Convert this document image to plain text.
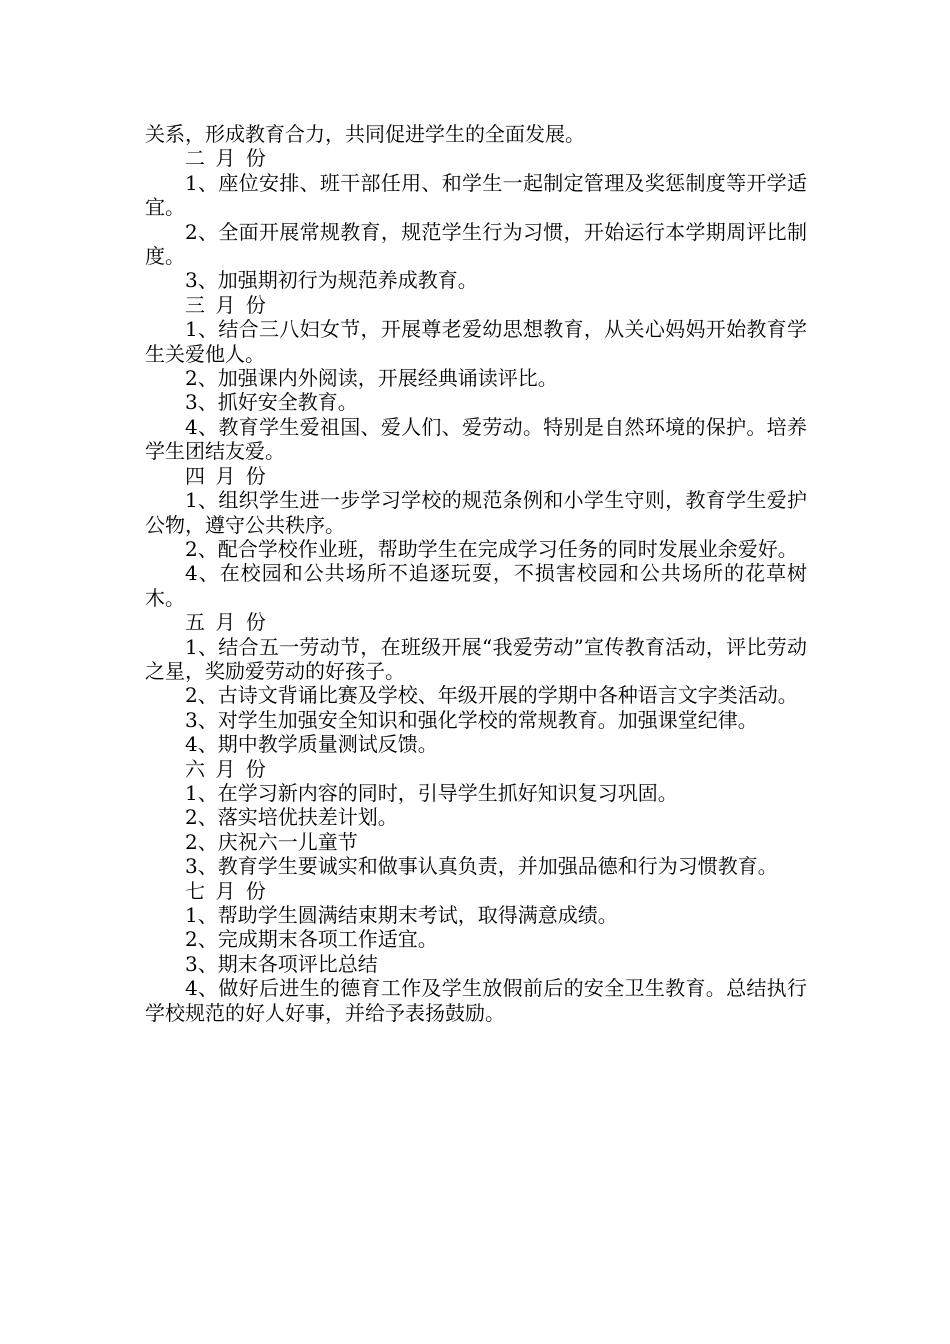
关系，形成教育合力，共同促进学生的全面发展。

二 月 份

1、座位安排、班干部任用、和学生一起制定管理及奖惩制度等开学适宜。

2、全面开展常规教育，规范学生行为习惯，开始运行本学期周评比制度。

3、加强期初行为规范养成教育。

三 月 份

1、结合三八妇女节，开展尊老爱幼思想教育，从关心妈妈开始教育学生关爱他人。

2、加强课内外阅读，开展经典诵读评比。

3、抓好安全教育。

4、教育学生爱祖国、爱人们、爱劳动。特别是自然环境的保护。培养学生团结友爱。

四 月 份

1、组织学生进一步学习学校的规范条例和小学生守则，教育学生爱护公物，遵守公共秩序。

2、配合学校作业班，帮助学生在完成学习任务的同时发展业余爱好。

4、在校园和公共场所不追逐玩耍，不损害校园和公共场所的花草树木。

五 月 份

1、结合五一劳动节，在班级开展“我爱劳动”宣传教育活动，评比劳动之星，奖励爱劳动的好孩子。

2、古诗文背诵比赛及学校、年级开展的学期中各种语言文字类活动。

3、对学生加强安全知识和强化学校的常规教育。加强课堂纪律。

4、期中教学质量测试反馈。

六 月 份

1、在学习新内容的同时，引导学生抓好知识复习巩固。

2、落实培优扶差计划。

2、庆祝六一儿童节

3、教育学生要诚实和做事认真负责，并加强品德和行为习惯教育。

七 月 份

1、帮助学生圆满结束期末考试，取得满意成绩。

2、完成期末各项工作适宜。

3、期末各项评比总结

4、做好后进生的德育工作及学生放假前后的安全卫生教育。总结执行学校规范的好人好事，并给予表扬鼓励。
